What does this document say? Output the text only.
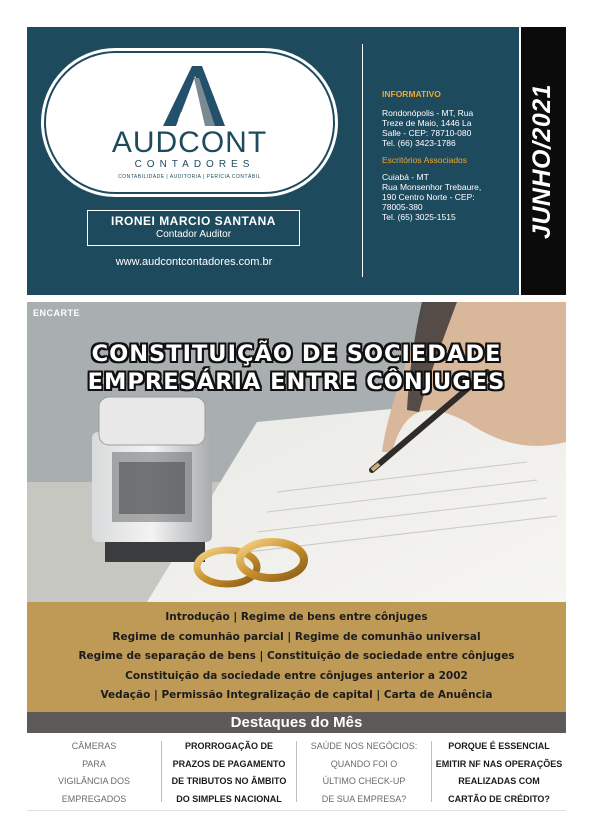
JUNHO/2021
AUDCONT
CONTADORES
CONTABILIDADE | AUDITORIA | PERÍCIA CONTÁBIL
IRONEI MARCIO SANTANA
Contador Auditor
www.audcontcontadores.com.br
INFORMATIVO
Rondonópolis - MT, Rua
Treze de Maio, 1446 La
Salle - CEP: 78710-080
Tel. (66) 3423-1786
Escritórios Associados
Cuiabá - MT
Rua Monsenhor Trebaure,
190 Centro Norte - CEP:
78005-380
Tel. (65) 3025-1515
ENCARTE
CONSTITUIÇÃO DE SOCIEDADE
EMPRESÁRIA ENTRE CÔNJUGES
Introdução | Regime de bens entre cônjuges
Regime de comunhão parcial | Regime de comunhão universal
Regime de separação de bens | Constituição de sociedade entre cônjuges
Constituição da sociedade entre cônjuges anterior a 2002
Vedação | Permissão Integralização de capital | Carta de Anuência
Destaques do Mês
CÂMERAS
PARA
VIGILÂNCIA DOS
EMPREGADOS
PRORROGAÇÃO DE
PRAZOS DE PAGAMENTO
DE TRIBUTOS NO ÂMBITO
DO SIMPLES NACIONAL
SAÚDE NOS NEGÓCIOS:
QUANDO FOI O
ÚLTIMO CHECK-UP
DE SUA EMPRESA?
PORQUE É ESSENCIAL
EMITIR NF NAS OPERAÇÕES
REALIZADAS COM
CARTÃO DE CRÉDITO?
